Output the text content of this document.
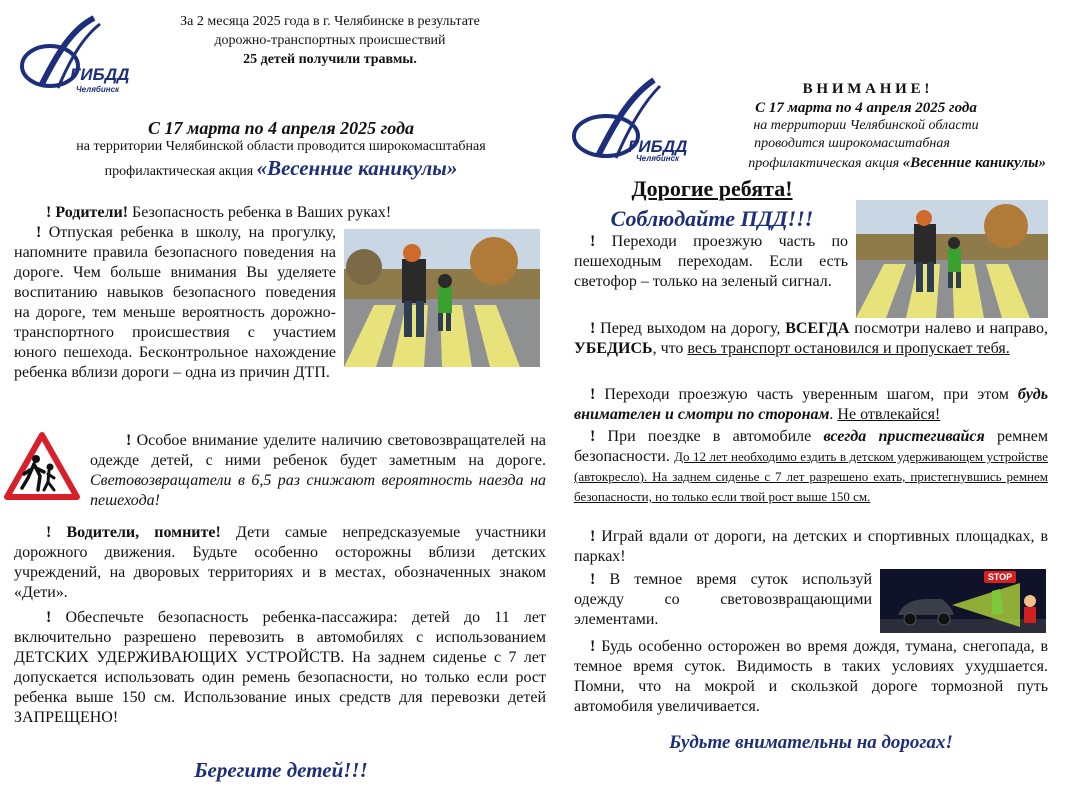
ГИБДД
Челябинск
За 2 месяца 2025 года в г. Челябинске в результате
дорожно-транспортных происшествий
25 детей получили травмы.
С 17 марта по 4 апреля 2025 года
на территории Челябинской области проводится широкомасштабная
профилактическая акция «Весенние каникулы»
! Родители! Безопасность ребенка в Ваших руках!
! Отпуская ребенка в школу, на прогулку, напомните правила безопасного поведения на дороге. Чем больше внимания Вы уделяете воспитанию навыков безопасного поведения на дороге, тем меньше вероятность дорожно-транспортного происшествия с участием юного пешехода. Бесконтрольное нахождение ребенка вблизи дороги – одна из причин ДТП.
! Особое внимание уделите наличию световозвращателей на одежде детей, с ними ребенок будет заметным на дороге. Световозвращатели в 6,5 раз снижают вероятность наезда на пешехода!
! Водители, помните! Дети самые непредсказуемые участники дорожного движения. Будьте особенно осторожны вблизи детских учреждений, на дворовых территориях и в местах, обозначенных знаком «Дети».
! Обеспечьте безопасность ребенка-пассажира: детей до 11 лет включительно разрешено перевозить в автомобилях с использованием ДЕТСКИХ УДЕРЖИВАЮЩИХ УСТРОЙСТВ. На заднем сиденье с 7 лет допускается использовать один ремень безопасности, но только если рост ребенка выше 150 см. Использование иных средств для перевозки детей ЗАПРЕЩЕНО!
Берегите детей!!!
ГИБДД
Челябинск
В Н И М А Н И Е !
С 17 марта по 4 апреля 2025 года
на территории Челябинской области
проводится широкомасштабная
профилактическая акция «Весенние каникулы»
Дорогие ребята!
Соблюдайте ПДД!!!
! Переходи проезжую часть по пешеходным переходам. Если есть светофор – только на зеленый сигнал.
! Перед выходом на дорогу, ВСЕГДА посмотри налево и направо, УБЕДИСЬ, что весь транспорт остановился и пропускает тебя.
! Переходи проезжую часть уверенным шагом, при этом будь внимателен и смотри по сторонам. Не отвлекайся!
! При поездке в автомобиле всегда пристегивайся ремнем безопасности. До 12 лет необходимо ездить в детском удерживающем устройстве (автокресло). На заднем сиденье с 7 лет разрешено ехать, пристегнувшись ремнем безопасности, но только если твой рост выше 150 см.
! Играй вдали от дороги, на детских и спортивных площадках, в парках!
! В темное время суток используй одежду со световозвращающими элементами.
STOP
! Будь особенно осторожен во время дождя, тумана, снегопада, в темное время суток. Видимость в таких условиях ухудшается. Помни, что на мокрой и скользкой дороге тормозной путь автомобиля увеличивается.
Будьте внимательны на дорогах!
